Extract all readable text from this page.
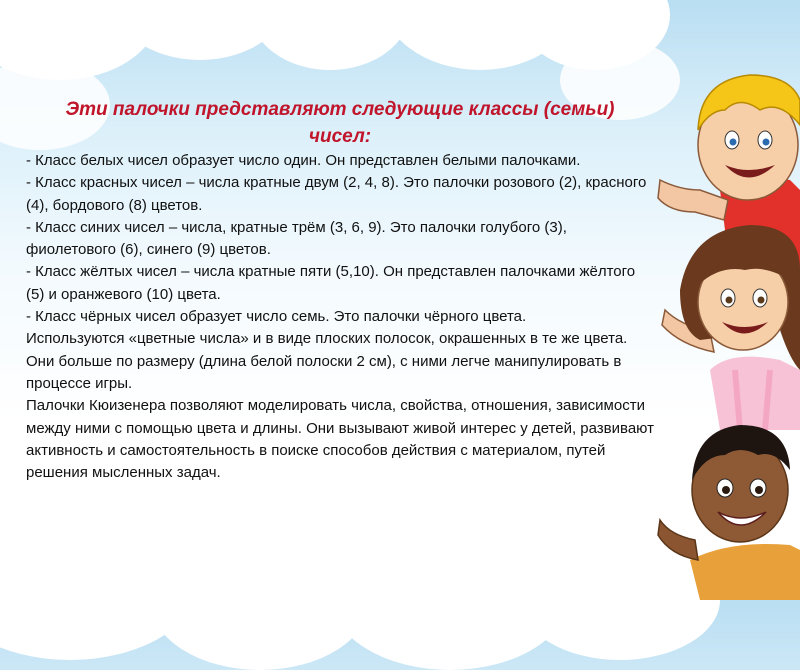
Эти палочки представляют следующие классы (семьи) чисел:

- Класс белых чисел образует число один. Он представлен белыми палочками.

- Класс красных чисел – числа кратные двум (2, 4, 8). Это палочки розового (2), красного (4), бордового (8) цветов.

- Класс синих чисел – числа, кратные трём (3, 6, 9). Это палочки голубого (3), фиолетового (6), синего (9) цветов.

- Класс жёлтых чисел – числа кратные пяти (5,10). Он представлен палочками жёлтого (5) и оранжевого (10) цвета.

- Класс чёрных чисел образует число семь. Это палочки чёрного цвета.

Используются «цветные числа» и в виде плоских полосок, окрашенных в те же цвета. Они больше по размеру (длина белой полоски 2 см), с ними легче манипулировать в процессе игры.

Палочки Кюизенера позволяют моделировать числа, свойства, отношения, зависимости между ними с помощью цвета и длины. Они вызывают живой интерес у детей, развивают активность и самостоятельность в поиске способов действия с материалом, путей решения мысленных задач.
